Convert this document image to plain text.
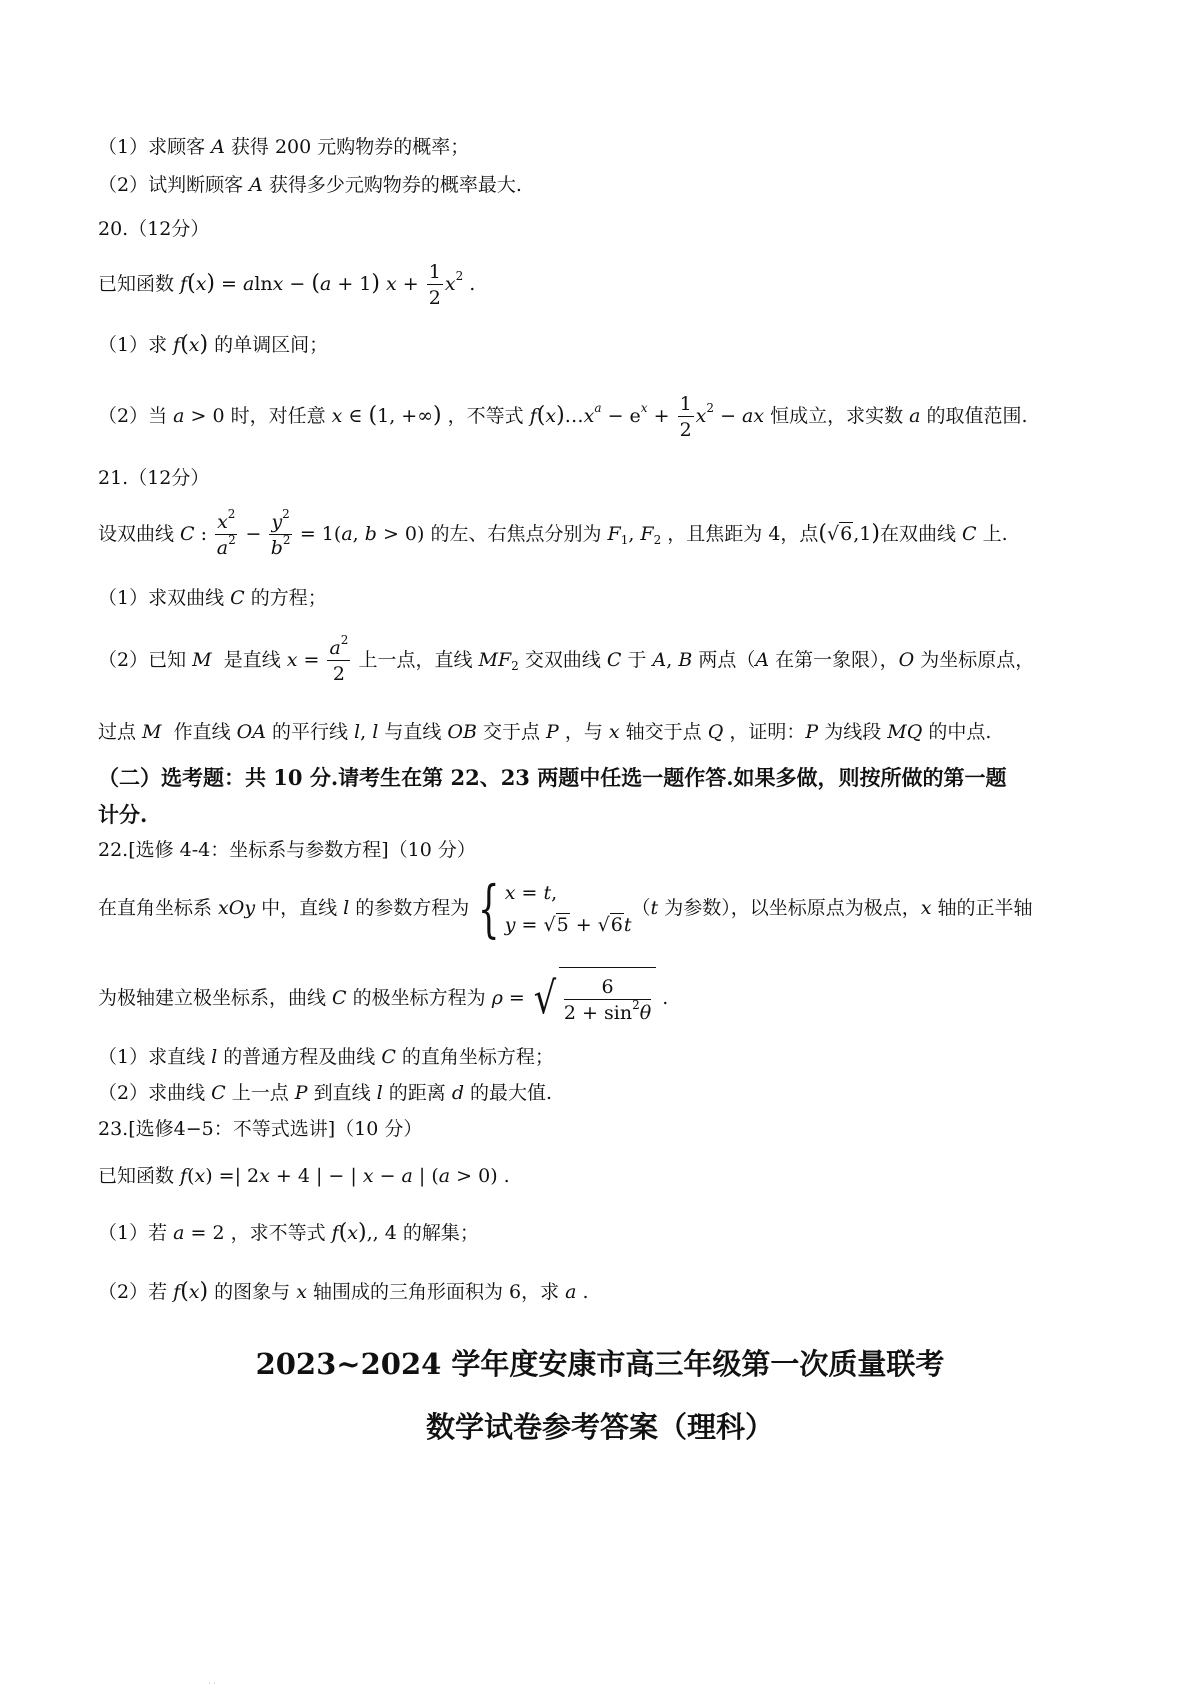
（1）求顾客 A 获得 200 元购物券的概率；
（2）试判断顾客 A 获得多少元购物券的概率最大.
20.（12分）
已知函数 f(x) = alnx − (a + 1) $x + \frac{1}{2} x^2$ .
（1）求 f(x) 的单调区间；
（2）当 a > 0 时，对任意 x ∈ (1, +∞) ，不等式 $f(x)\dots x^a - e^x + \frac{1}{2} x^2$ − ax 恒成立，求实数 a 的取值范围.
21.（12分）
设双曲线 C : $\frac{x^2}{a^2} - \frac{y^2}{b^2} = 1(a$, b > 0) 的左、右焦点分别为 $F_1$, $F_2$ ，且焦距为 4，点(√6,1)在双曲线 C 上.
（1）求双曲线 C 的方程；
（2）已知 M  是直线 $x = \frac{a^2}{2}$ 上一点，直线 $MF_2$ 交双曲线 C 于 A, B 两点（A 在第一象限），O 为坐标原点，
过点 M  作直线 OA 的平行线 l, l 与直线 OB 交于点 P ，与 x 轴交于点 Q ，证明：P 为线段 MQ 的中点.
（二）选考题：共 10 分.请考生在第 22、23 两题中任选一题作答.如果多做，则按所做的第一题
计分.
22.[选修 4-4：坐标系与参数方程]（10 分）
在直角坐标系 xOy 中，直线 l 的参数方程为 { x = t,
y = √5 + √6t
（t 为参数），以坐标原点为极点，x 轴的正半轴
为极轴建立极坐标系，曲线 C 的极坐标方程为 ρ = √ $\frac{6}{2 + \sin^2\theta}$ .
（1）求直线 l 的普通方程及曲线 C 的直角坐标方程；
（2）求曲线 C 上一点 P 到直线 l 的距离 d 的最大值.
23.[选修4−5：不等式选讲]（10 分）
已知函数 f(x) =| 2x + 4 | − | x − a | (a > 0) .
（1）若 a = 2 ，求不等式 f(x),, 4 的解集；
（2）若 f(x) 的图象与 x 轴围成的三角形面积为 6，求 a .
2023~2024 学年度安康市高三年级第一次质量联考
数学试卷参考答案（理科）
· ·
